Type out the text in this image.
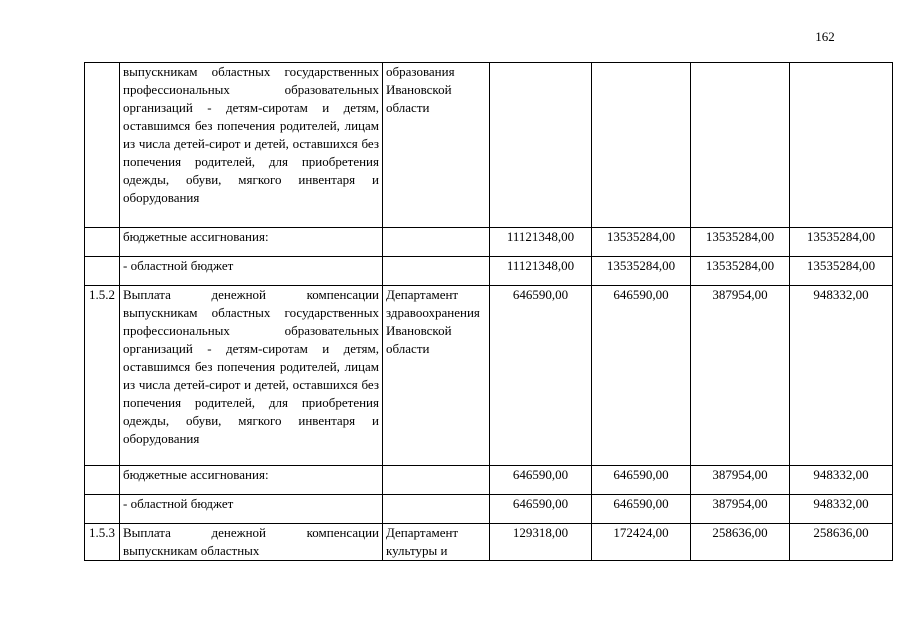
162
	выпускникам областных государственных профессиональных образовательных организаций - детям-сиротам и детям, оставшимся без попечения родителей, лицам из числа детей-сирот и детей, оставшихся без попечения родителей, для приобретения одежды, обуви, мягкого инвентаря и оборудования	образования Ивановской области				
	бюджетные ассигнования:		11121348,00	13535284,00	13535284,00	13535284,00
	- областной бюджет		11121348,00	13535284,00	13535284,00	13535284,00
1.5.2	Выплата денежной компенсации выпускникам областных государственных профессиональных образовательных организаций - детям-сиротам и детям, оставшимся без попечения родителей, лицам из числа детей-сирот и детей, оставшихся без попечения родителей, для приобретения одежды, обуви, мягкого инвентаря и оборудования	Департамент здравоохранения Ивановской области	646590,00	646590,00	387954,00	948332,00
	бюджетные ассигнования:		646590,00	646590,00	387954,00	948332,00
	- областной бюджет		646590,00	646590,00	387954,00	948332,00
1.5.3	Выплата денежной компенсации выпускникам областных	Департамент культуры и	129318,00	172424,00	258636,00	258636,00
